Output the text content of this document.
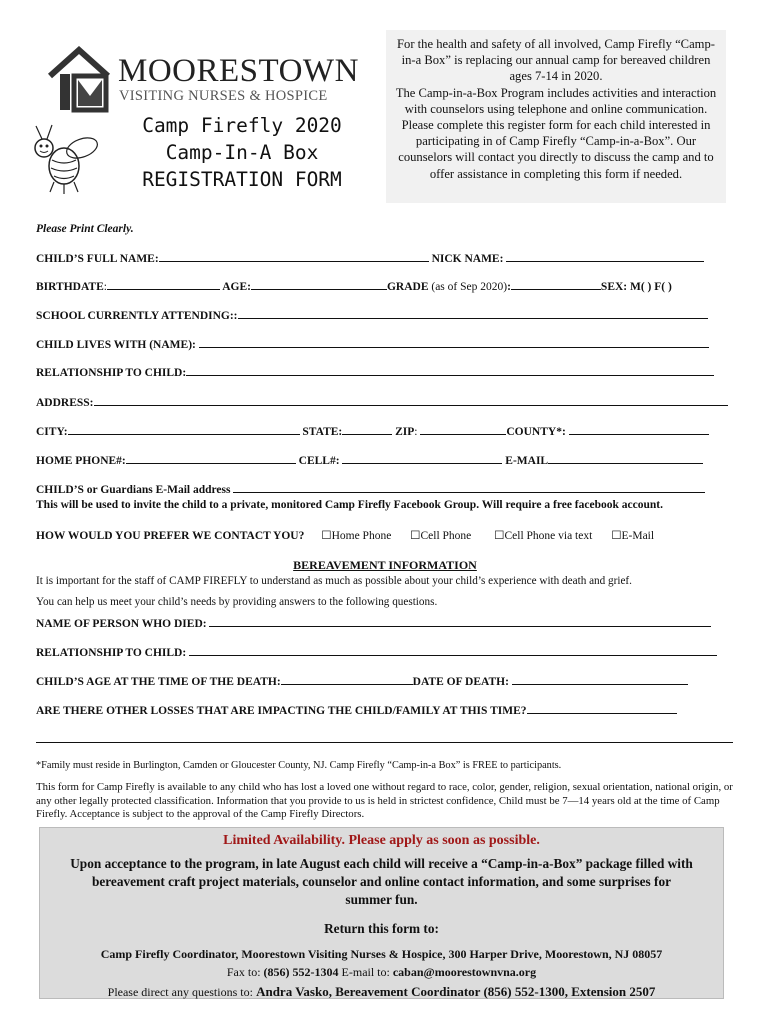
MOORESTOWN
VISITING NURSES & HOSPICE
Camp Firefly 2020
Camp-In-A Box
REGISTRATION FORM

For the health and safety of all involved, Camp Firefly “Camp-in-a Box” is replacing our annual camp for bereaved children ages 7-14 in 2020.

The Camp-in-a-Box Program includes activities and interaction with counselors using telephone and online communication.

Please complete this register form for each child interested in participating in of Camp Firefly “Camp-in-a-Box”. Our counselors will contact you directly to discuss the camp and to offer assistance in completing this form if needed.

Please Print Clearly.
CHILD’S FULL NAME:	NICK NAME:
BIRTHDATE:	AGE:	GRADE (as of Sep 2020):	SEX: M( ) F( )
SCHOOL CURRENTLY ATTENDING::
CHILD LIVES WITH (NAME):
RELATIONSHIP TO CHILD:
ADDRESS:
CITY:	STATE:	ZIP:	COUNTY*:
HOME PHONE#:	CELL#:	E-MAIL
CHILD’S or Guardians E-Mail address
This will be used to invite the child to a private, monitored Camp Firefly Facebook Group. Will require a free facebook account.
HOW WOULD YOU PREFER WE CONTACT YOU? ☐Home Phone ☐Cell Phone ☐Cell Phone via text ☐E-Mail
BEREAVEMENT INFORMATION
It is important for the staff of CAMP FIREFLY to understand as much as possible about your child’s experience with death and grief.
You can help us meet your child’s needs by providing answers to the following questions.
NAME OF PERSON WHO DIED:
RELATIONSHIP TO CHILD:
CHILD’S AGE AT THE TIME OF THE DEATH:	DATE OF DEATH:
ARE THERE OTHER LOSSES THAT ARE IMPACTING THE CHILD/FAMILY AT THIS TIME?
*Family must reside in Burlington, Camden or Gloucester County, NJ. Camp Firefly “Camp-in-a Box” is FREE to participants.
This form for Camp Firefly is available to any child who has lost a loved one without regard to race, color, gender, religion, sexual orientation, national origin, or any other legally protected classification. Information that you provide to us is held in strictest confidence, Child must be 7—14 years old at the time of Camp Firefly. Acceptance is subject to the approval of the Camp Firefly Directors.
Limited Availability. Please apply as soon as possible.
Upon acceptance to the program, in late August each child will receive a “Camp-in-a-Box” package filled with bereavement craft project materials, counselor and online contact information, and some surprises for summer fun.
Return this form to:
Camp Firefly Coordinator, Moorestown Visiting Nurses & Hospice, 300 Harper Drive, Moorestown, NJ 08057
Fax to: (856) 552-1304 E-mail to: caban@moorestownvna.org
Please direct any questions to: Andra Vasko, Bereavement Coordinator (856) 552-1300, Extension 2507
